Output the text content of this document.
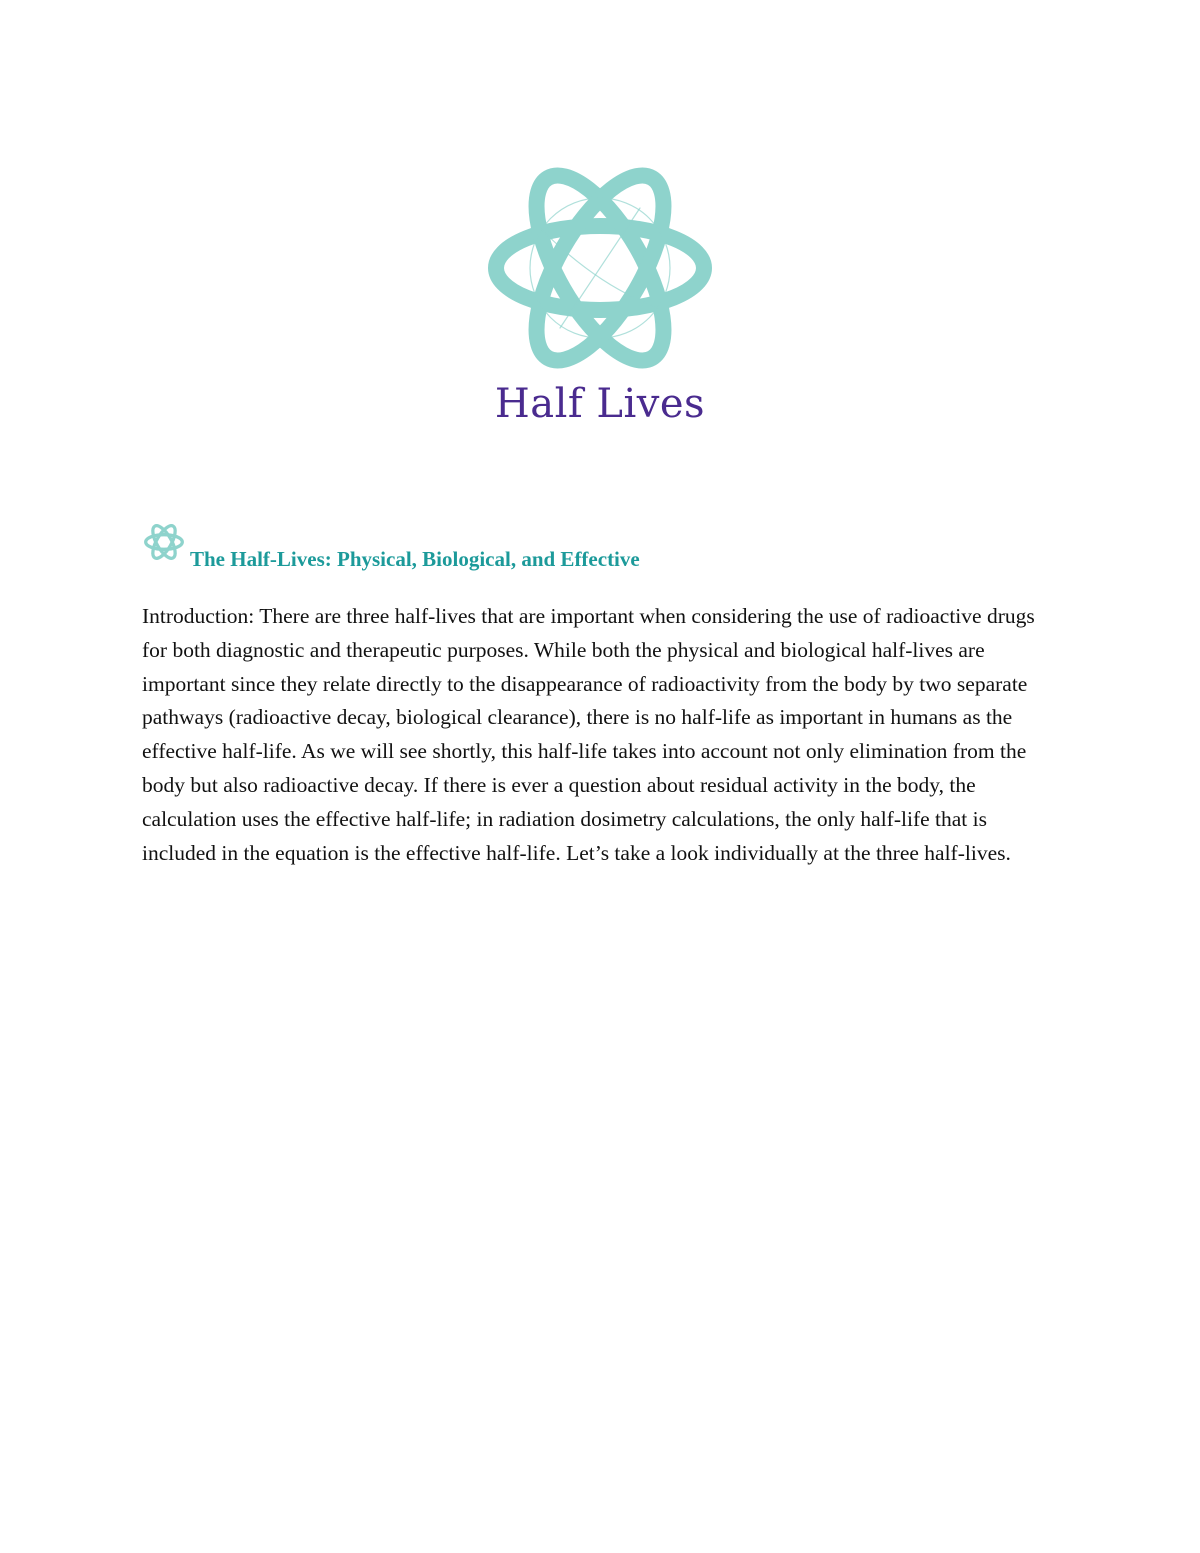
Half Lives
The Half-Lives: Physical, Biological, and Effective

Introduction: There are three half-lives that are important when considering the use of radioactive drugs for both diagnostic and therapeutic purposes. While both the physical and biological half-lives are important since they relate directly to the disappearance of radioactivity from the body by two separate pathways (radioactive decay, biological clearance), there is no half-life as important in humans as the effective half-life. As we will see shortly, this half-life takes into account not only elimination from the body but also radioactive decay. If there is ever a question about residual activity in the body, the calculation uses the effective half-life; in radiation dosimetry calculations, the only half-life that is included in the equation is the effective half-life. Let’s take a look individually at the three half-lives.
